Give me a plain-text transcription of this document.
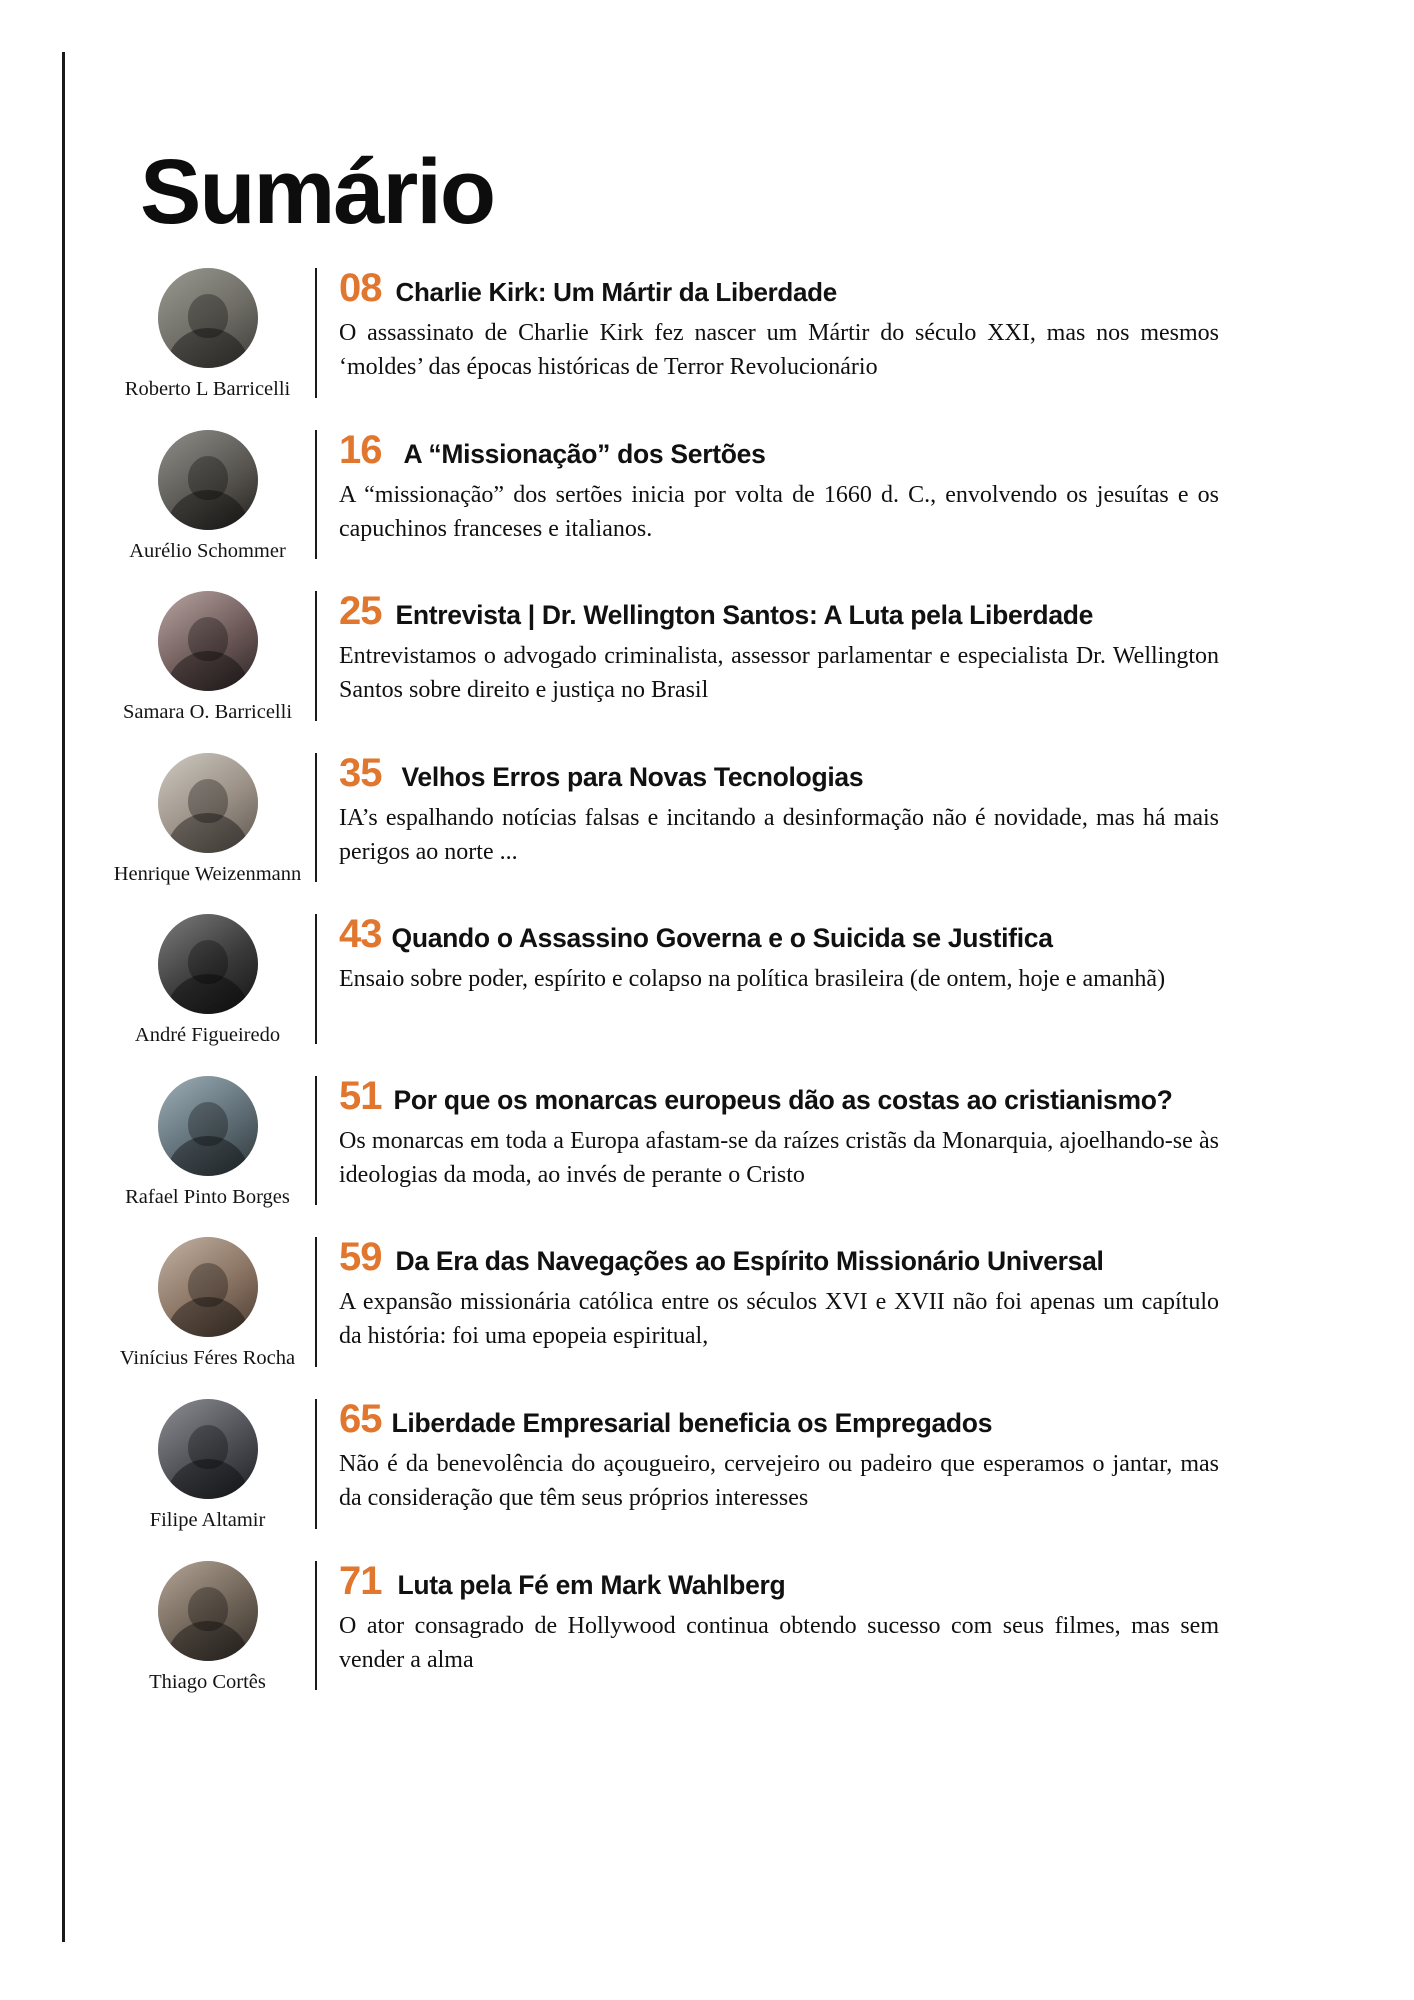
Sumário
Roberto L Barricelli
08 Charlie Kirk: Um Mártir da Liberdade
O assassinato de Charlie Kirk fez nascer um Mártir do século XXI, mas nos mesmos ‘moldes’ das épocas históricas de Terror Revolucionário
Aurélio Schommer
16 A “Missionação” dos Sertões
A “missionação” dos sertões inicia por volta de 1660 d. C., envolvendo os jesuítas e os capuchinos franceses e italianos.
Samara O. Barricelli
25 Entrevista | Dr. Wellington Santos: A Luta pela Liberdade
Entrevistamos o advogado criminalista, assessor parlamentar e especialista Dr. Wellington Santos sobre direito e justiça no Brasil
Henrique Weizenmann
35 Velhos Erros para Novas Tecnologias
IA’s espalhando notícias falsas e incitando a desinformação não é novidade, mas há mais perigos ao norte ...
André Figueiredo
43 Quando o Assassino Governa e o Suicida se Justifica
Ensaio sobre poder, espírito e colapso na política brasileira (de ontem, hoje e amanhã)
Rafael Pinto Borges
51 Por que os monarcas europeus dão as costas ao cristianismo?
Os monarcas em toda a Europa afastam-se da raízes cristãs da Monarquia, ajoelhando-se às ideologias da moda, ao invés de perante o Cristo
Vinícius Féres Rocha
59 Da Era das Navegações ao Espírito Missionário Universal
A expansão missionária católica entre os séculos XVI e XVII não foi apenas um capítulo da história: foi uma epopeia espiritual,
Filipe Altamir
65 Liberdade Empresarial beneficia os Empregados
Não é da benevolência do açougueiro, cervejeiro ou padeiro que esperamos o jantar, mas da consideração que têm seus próprios interesses
Thiago Cortês
71 Luta pela Fé em Mark Wahlberg
O ator consagrado de Hollywood continua obtendo sucesso com seus filmes, mas sem vender a alma
